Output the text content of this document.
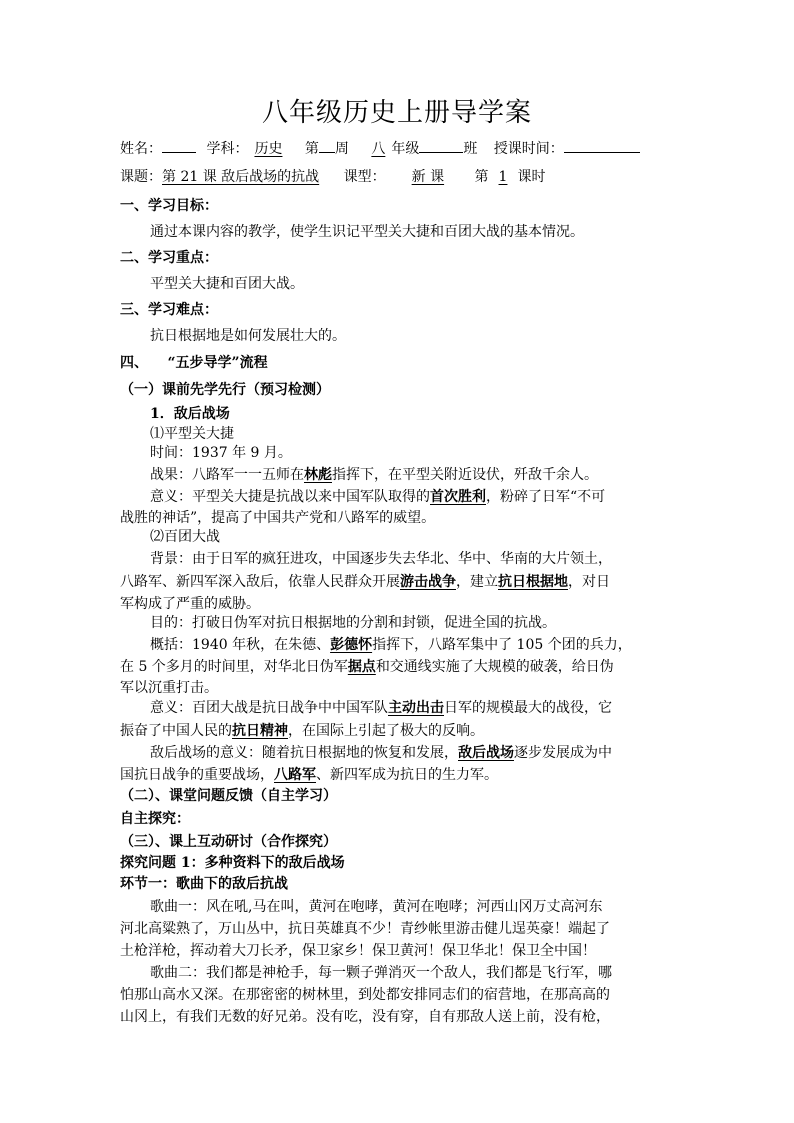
八年级历史上册导学案
姓名：	学科： 历史 第 周 八 年级	班 授课时间：
课题：第 21 课 敌后战场的抗战 课型： 新 课 第 1 课时
一、学习目标：
通过本课内容的教学，使学生识记平型关大捷和百团大战的基本情况。
二、学习重点：
平型关大捷和百团大战。
三、学习难点：
抗日根据地是如何发展壮大的。
四、    “五步导学”流程
（一）课前先学先行（预习检测）
1．敌后战场
⑴平型关大捷
时间：1937 年 9 月。
战果：八路军一一五师在林彪指挥下，在平型关附近设伏，歼敌千余人。
意义：平型关大捷是抗战以来中国军队取得的首次胜利，粉碎了日军“不可
战胜的神话”，提高了中国共产党和八路军的威望。
⑵百团大战
背景：由于日军的疯狂进攻，中国逐步失去华北、华中、华南的大片领土，
八路军、新四军深入敌后，依靠人民群众开展游击战争，建立抗日根据地，对日
军构成了严重的威胁。
目的：打破日伪军对抗日根据地的分割和封锁，促进全国的抗战。
概括：1940 年秋，在朱德、彭德怀指挥下，八路军集中了 105 个团的兵力，
在 5 个多月的时间里，对华北日伪军据点和交通线实施了大规模的破袭，给日伪
军以沉重打击。
意义：百团大战是抗日战争中中国军队主动出击日军的规模最大的战役，它
振奋了中国人民的抗日精神，在国际上引起了极大的反响。
敌后战场的意义：随着抗日根据地的恢复和发展，敌后战场逐步发展成为中
国抗日战争的重要战场，八路军、新四军成为抗日的生力军。
（二）、课堂问题反馈（自主学习）
自主探究：
（三）、课上互动研讨（合作探究）
探究问题 1：多种资料下的敌后战场
环节一：歌曲下的敌后抗战
歌曲一：风在吼,马在叫，黄河在咆哮，黄河在咆哮；河西山冈万丈高河东
河北高粱熟了，万山丛中，抗日英雄真不少！青纱帐里游击健儿逞英豪！端起了
土枪洋枪，挥动着大刀长矛，保卫家乡！保卫黄河！保卫华北！保卫全中国！
歌曲二：我们都是神枪手，每一颗子弹消灭一个敌人，我们都是飞行军，哪
怕那山高水又深。在那密密的树林里，到处都安排同志们的宿营地，在那高高的
山冈上，有我们无数的好兄弟。没有吃，没有穿，自有那敌人送上前，没有枪，
